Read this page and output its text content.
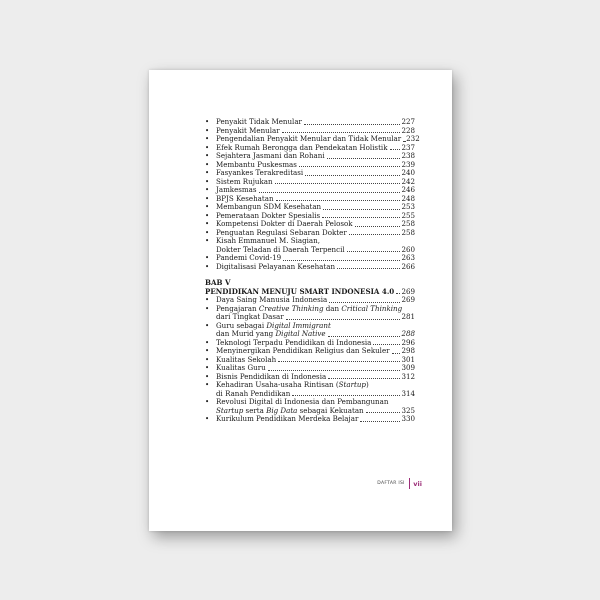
• Penyakit Tidak Menular	227
• Penyakit Menular	228
• Pengendalian Penyakit Menular dan Tidak Menular 232
• Efek Rumah Berongga dan Pendekatan Holistik 237
• Sejahtera Jasmani dan Rohani	238
• Membantu Puskesmas	239
• Fasyankes Terakreditasi	240
• Sistem Rujukan	242
• Jamkesmas	246
• BPJS Kesehatan	248
• Membangun SDM Kesehatan	253
• Pemerataan Dokter Spesialis	255
• Kompetensi Dokter di Daerah Pelosok	258
• Penguatan Regulasi Sebaran Dokter	258
• Kisah Emmanuel M. Siagian,
Dokter Teladan di Daerah Terpencil	260
• Pandemi Covid-19	263
• Digitalisasi Pelayanan Kesehatan	266
BAB V
PENDIDIKAN MENUJU SMART INDONESIA 4.0 269
• Daya Saing Manusia Indonesia	269
• Pengajaran Creative Thinking dan Critical Thinking
dari Tingkat Dasar	281
• Guru sebagai Digital Immigrant
dan Murid yang Digital Native	288
• Teknologi Terpadu Pendidikan di Indonesia	296
• Menyinergikan Pendidikan Religius dan Sekuler 298
• Kualitas Sekolah	301
• Kualitas Guru	309
• Bisnis Pendidikan di Indonesia	312
• Kehadiran Usaha-usaha Rintisan (Startup)
di Ranah Pendidikan	314
• Revolusi Digital di Indonesia dan Pembangunan
Startup serta Big Data sebagai Kekuatan	325
• Kurikulum Pendidikan Merdeka Belajar	330
DAFTAR ISI vii
